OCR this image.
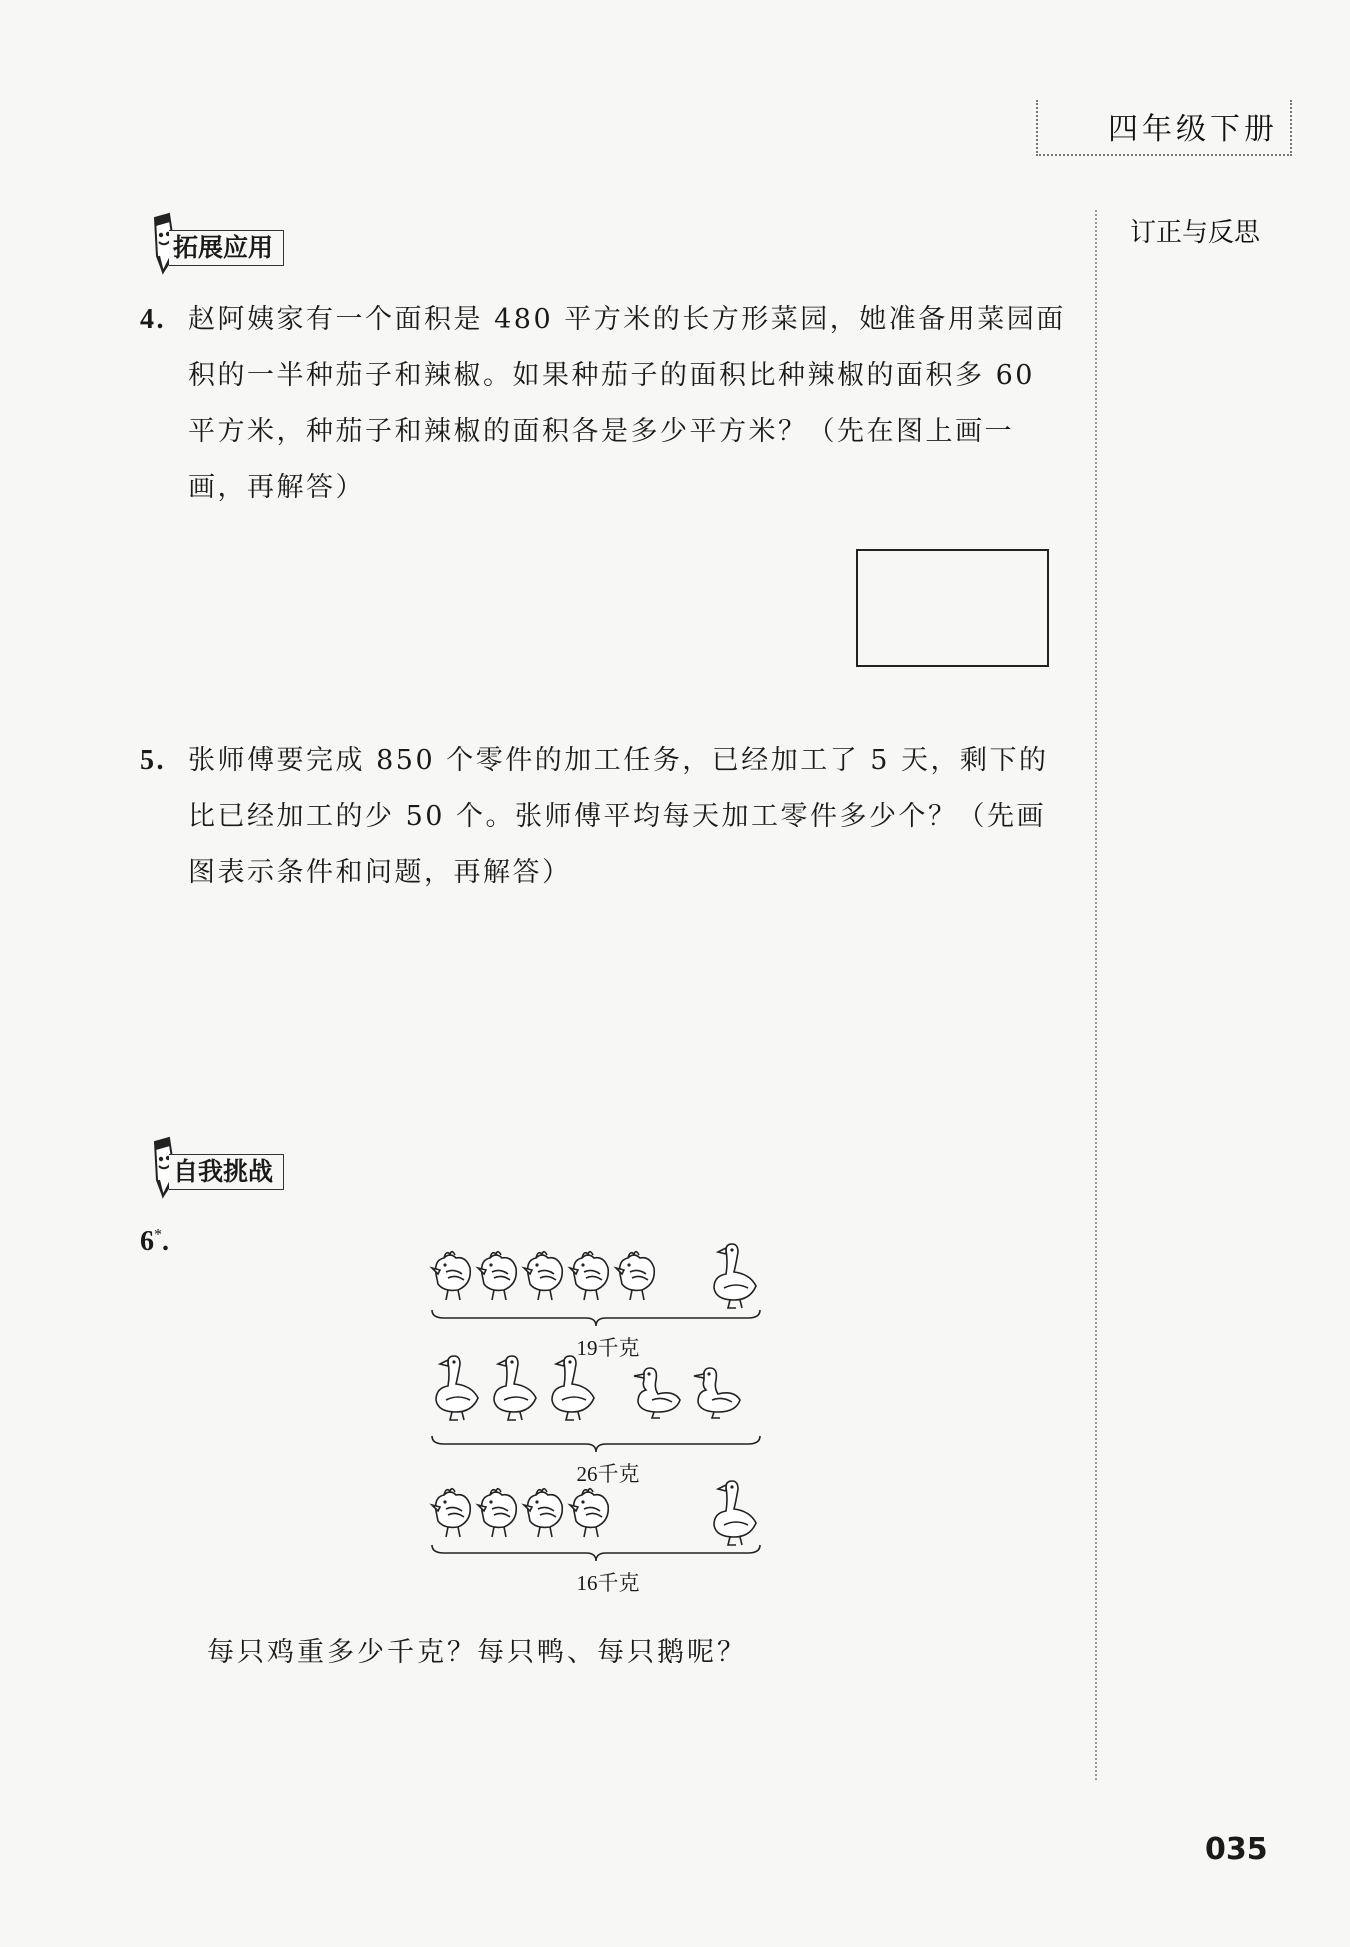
四年级下册
订正与反思
拓展应用
4. 赵阿姨家有一个面积是 480 平方米的长方形菜园，她准备用菜园面积的一半种茄子和辣椒。如果种茄子的面积比种辣椒的面积多 60 平方米，种茄子和辣椒的面积各是多少平方米？（先在图上画一画，再解答）
5. 张师傅要完成 850 个零件的加工任务，已经加工了 5 天，剩下的比已经加工的少 50 个。张师傅平均每天加工零件多少个？（先画图表示条件和问题，再解答）
自我挑战
6*.
19千克
26千克
16千克
每只鸡重多少千克？每只鸭、每只鹅呢？
035
